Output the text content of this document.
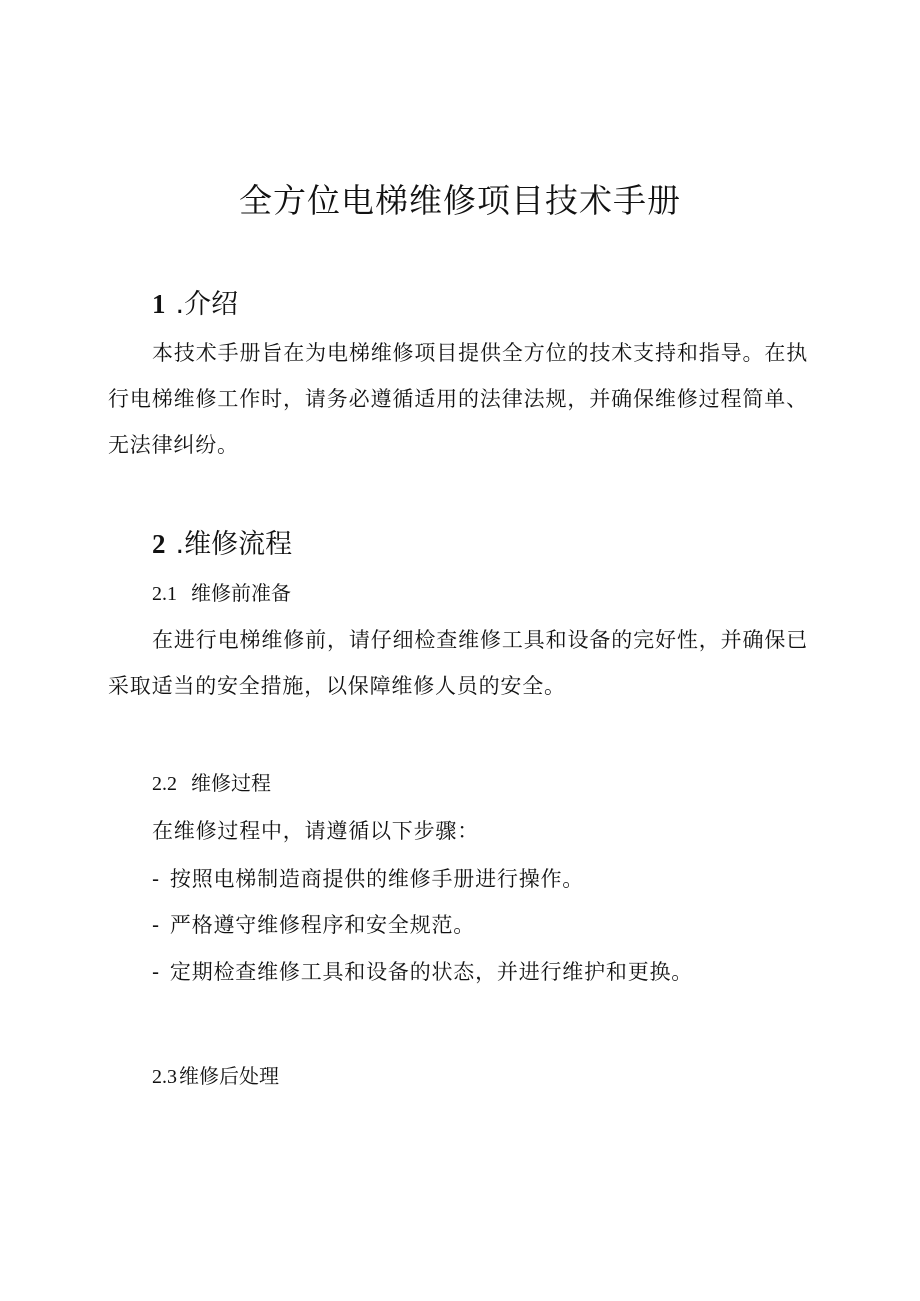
全方位电梯维修项目技术手册
1 .介绍
本技术手册旨在为电梯维修项目提供全方位的技术支持和指导。在执行电梯维修工作时，请务必遵循适用的法律法规，并确保维修过程简单、无法律纠纷。
2 .维修流程
2.1 维修前准备
在进行电梯维修前，请仔细检查维修工具和设备的完好性，并确保已采取适当的安全措施，以保障维修人员的安全。
2.2 维修过程
在维修过程中，请遵循以下步骤：
- 按照电梯制造商提供的维修手册进行操作。
- 严格遵守维修程序和安全规范。
- 定期检查维修工具和设备的状态，并进行维护和更换。
2.3 维修后处理
